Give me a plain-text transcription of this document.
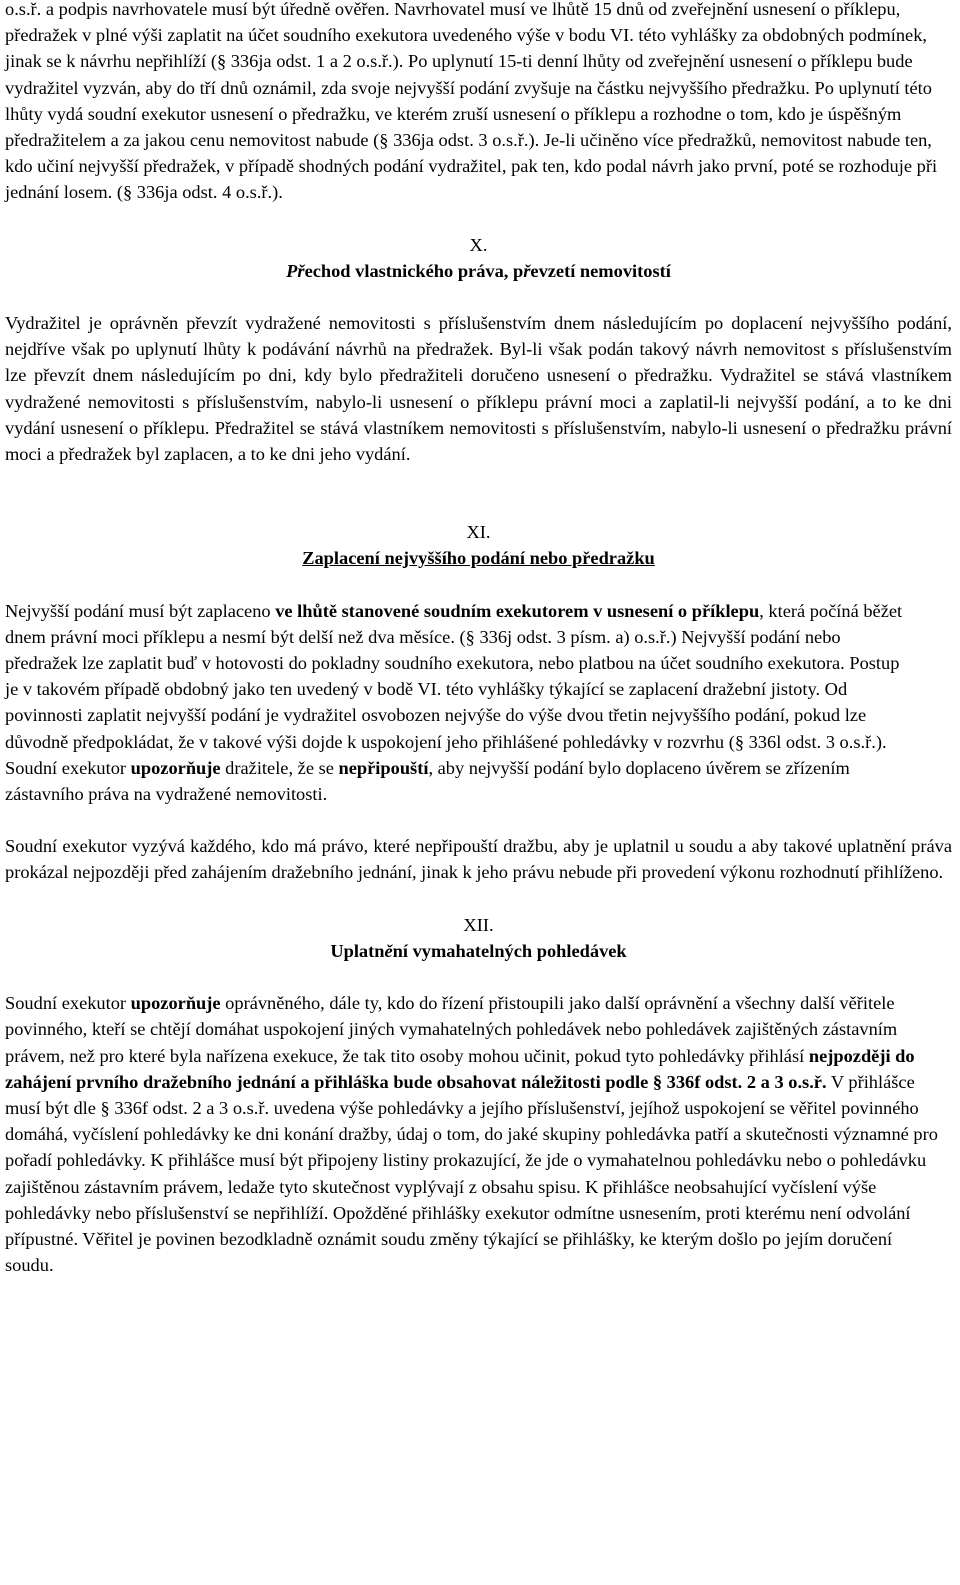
o.s.ř. a podpis navrhovatele musí být úředně ověřen. Navrhovatel musí ve lhůtě 15 dnů od zveřejnění usnesení o příklepu, předražek v plné výši zaplatit na účet soudního exekutora uvedeného výše v bodu VI. této vyhlášky za obdobných podmínek, jinak se k návrhu nepřihlíží (§ 336ja odst. 1 a 2 o.s.ř.). Po uplynutí 15-ti denní lhůty od zveřejnění usnesení o příklepu bude vydražitel vyzván, aby do tří dnů oznámil, zda svoje nejvyšší podání zvyšuje na částku nejvyššího předražku. Po uplynutí této lhůty vydá soudní exekutor usnesení o předražku, ve kterém zruší usnesení o příklepu a rozhodne o tom, kdo je úspěšným předražitelem a za jakou cenu nemovitost nabude (§ 336ja odst. 3 o.s.ř.). Je-li učiněno více předražků, nemovitost nabude ten, kdo učiní nejvyšší předražek, v případě shodných podání vydražitel, pak ten, kdo podal návrh jako první, poté se rozhoduje při jednání losem. (§ 336ja odst. 4 o.s.ř.).

X.

Přechod vlastnického práva, převzetí nemovitostí

Vydražitel je oprávněn převzít vydražené nemovitosti s příslušenstvím dnem následujícím po doplacení nejvyššího podání, nejdříve však po uplynutí lhůty k podávání návrhů na předražek. Byl-li však podán takový návrh nemovitost s příslušenstvím lze převzít dnem následujícím po dni, kdy bylo předražiteli doručeno usnesení o předražku. Vydražitel se stává vlastníkem vydražené nemovitosti s příslušenstvím, nabylo-li usnesení o příklepu právní moci a zaplatil-li nejvyšší podání, a to ke dni vydání usnesení o příklepu. Předražitel se stává vlastníkem nemovitosti s příslušenstvím, nabylo-li usnesení o předražku právní moci a předražek byl zaplacen, a to ke dni jeho vydání.

XI.

Zaplacení nejvyššího podání nebo předražku

Nejvyšší podání musí být zaplaceno ve lhůtě stanovené soudním exekutorem v usnesení o příklepu, která počíná běžet dnem právní moci příklepu a nesmí být delší než dva měsíce. (§ 336j odst. 3 písm. a) o.s.ř.) Nejvyšší podání nebo předražek lze zaplatit buď v hotovosti do pokladny soudního exekutora, nebo platbou na účet soudního exekutora. Postup je v takovém případě obdobný jako ten uvedený v bodě VI. této vyhlášky týkající se zaplacení dražební jistoty. Od povinnosti zaplatit nejvyšší podání je vydražitel osvobozen nejvýše do výše dvou třetin nejvyššího podání, pokud lze důvodně předpokládat, že v takové výši dojde k uspokojení jeho přihlášené pohledávky v rozvrhu (§ 336l odst. 3 o.s.ř.). Soudní exekutor upozorňuje dražitele, že se nepřipouští, aby nejvyšší podání bylo doplaceno úvěrem se zřízením zástavního práva na vydražené nemovitosti.

Soudní exekutor vyzývá každého, kdo má právo, které nepřipouští dražbu, aby je uplatnil u soudu a aby takové uplatnění práva prokázal nejpozději před zahájením dražebního jednání, jinak k jeho právu nebude při provedení výkonu rozhodnutí přihlíženo.

XII.

Uplatnění vymahatelných pohledávek

Soudní exekutor upozorňuje oprávněného, dále ty, kdo do řízení přistoupili jako další oprávnění a všechny další věřitele povinného, kteří se chtějí domáhat uspokojení jiných vymahatelných pohledávek nebo pohledávek zajištěných zástavním právem, než pro které byla nařízena exekuce, že tak tito osoby mohou učinit, pokud tyto pohledávky přihlásí nejpozději do zahájení prvního dražebního jednání a přihláška bude obsahovat náležitosti podle § 336f odst. 2 a 3 o.s.ř. V přihlášce musí být dle § 336f odst. 2 a 3 o.s.ř. uvedena výše pohledávky a jejího příslušenství, jejíhož uspokojení se věřitel povinného domáhá, vyčíslení pohledávky ke dni konání dražby, údaj o tom, do jaké skupiny pohledávka patří a skutečnosti významné pro pořadí pohledávky. K přihlášce musí být připojeny listiny prokazující, že jde o vymahatelnou pohledávku nebo o pohledávku zajištěnou zástavním právem, ledaže tyto skutečnost vyplývají z obsahu spisu. K přihlášce neobsahující vyčíslení výše pohledávky nebo příslušenství se nepřihlíží. Opožděné přihlášky exekutor odmítne usnesením, proti kterému není odvolání přípustné. Věřitel je povinen bezodkladně oznámit soudu změny týkající se přihlášky, ke kterým došlo po jejím doručení soudu.
